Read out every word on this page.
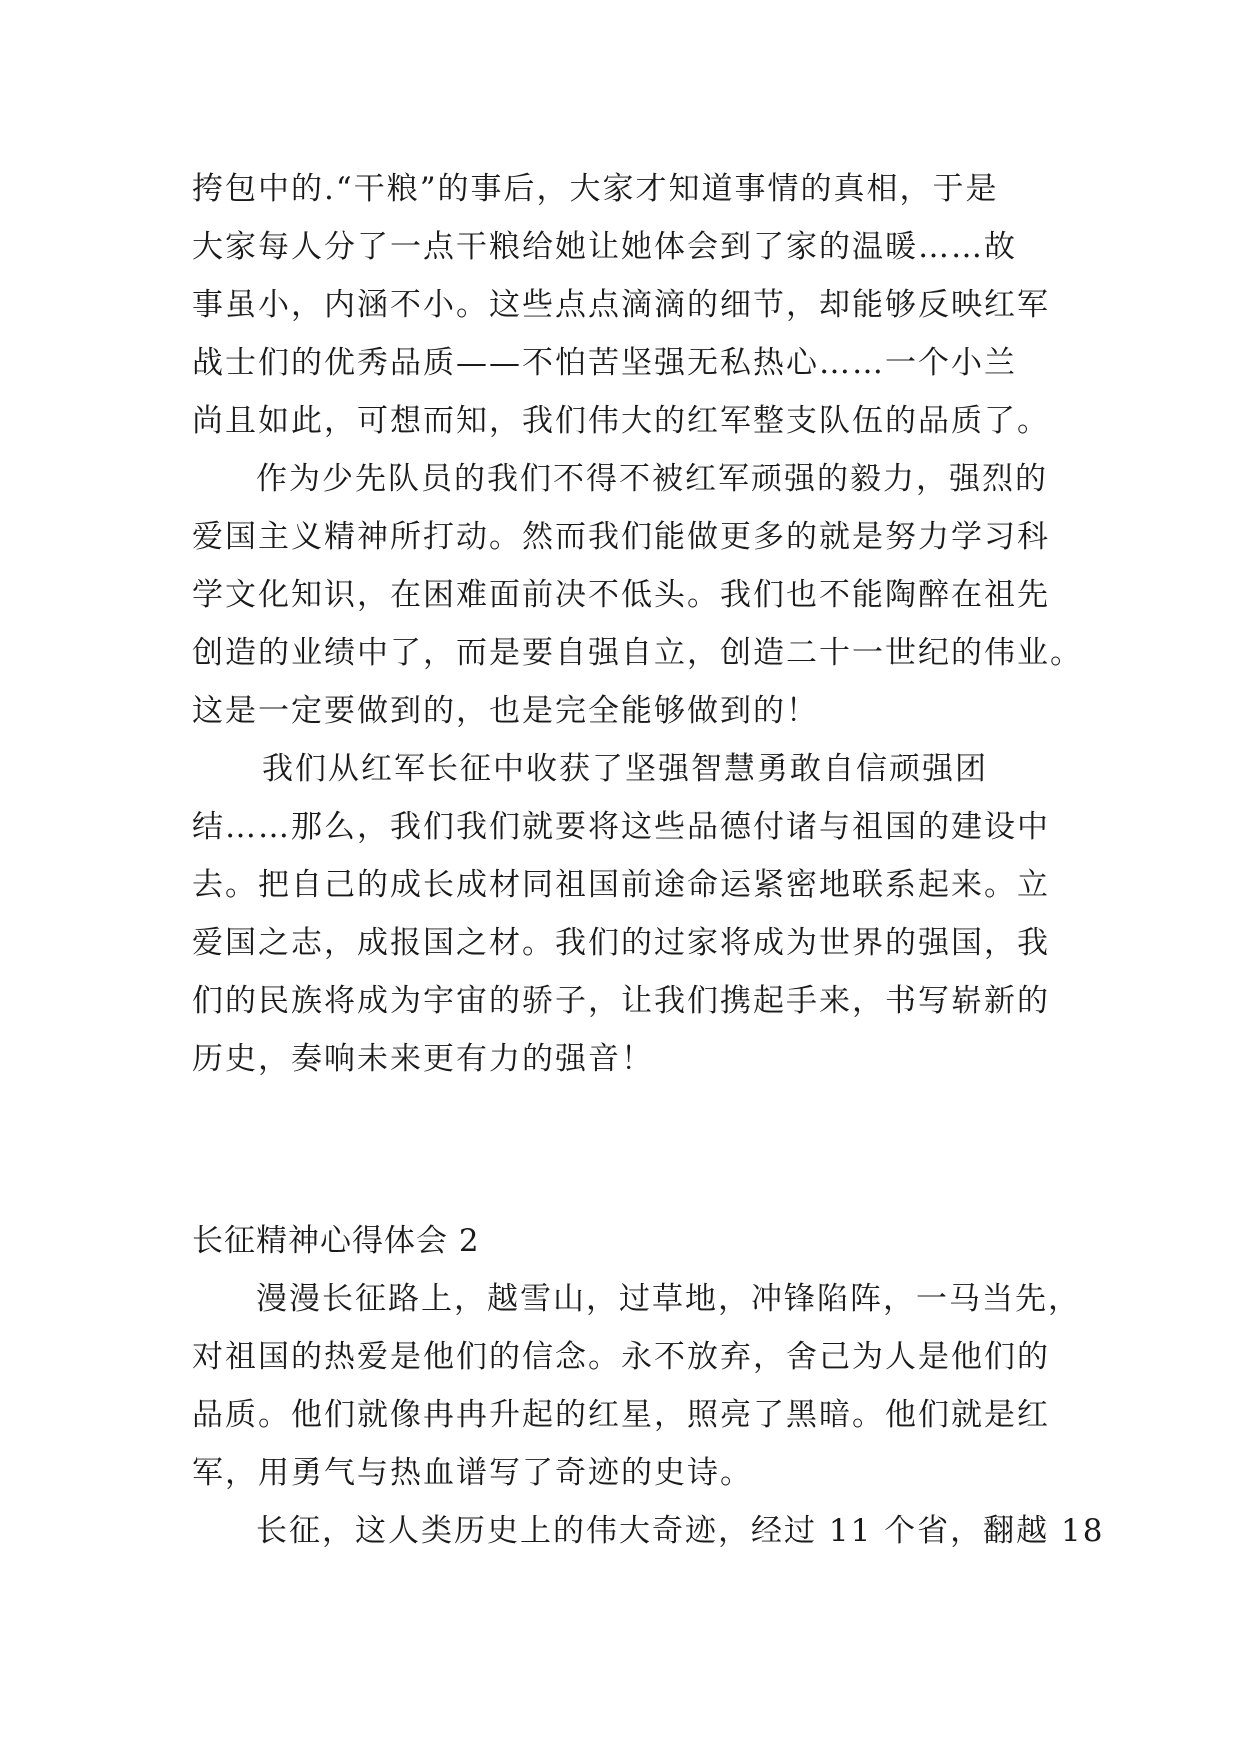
挎包中的.“干粮”的事后，大家才知道事情的真相，于是
大家每人分了一点干粮给她让她体会到了家的温暖……故
事虽小，内涵不小。这些点点滴滴的细节，却能够反映红军
战士们的优秀品质——不怕苦坚强无私热心……一个小兰
尚且如此，可想而知，我们伟大的红军整支队伍的品质了。
作为少先队员的我们不得不被红军顽强的毅力，强烈的
爱国主义精神所打动。然而我们能做更多的就是努力学习科
学文化知识，在困难面前决不低头。我们也不能陶醉在祖先
创造的业绩中了，而是要自强自立，创造二十一世纪的伟业。
这是一定要做到的，也是完全能够做到的！
我们从红军长征中收获了坚强智慧勇敢自信顽强团
结……那么，我们我们就要将这些品德付诸与祖国的建设中
去。把自己的成长成材同祖国前途命运紧密地联系起来。立
爱国之志，成报国之材。我们的过家将成为世界的强国，我
们的民族将成为宇宙的骄子，让我们携起手来，书写崭新的
历史，奏响未来更有力的强音！
长征精神心得体会 2
漫漫长征路上，越雪山，过草地，冲锋陷阵，一马当先，
对祖国的热爱是他们的信念。永不放弃，舍己为人是他们的
品质。他们就像冉冉升起的红星，照亮了黑暗。他们就是红
军，用勇气与热血谱写了奇迹的史诗。
长征，这人类历史上的伟大奇迹，经过 11 个省，翻越 18
